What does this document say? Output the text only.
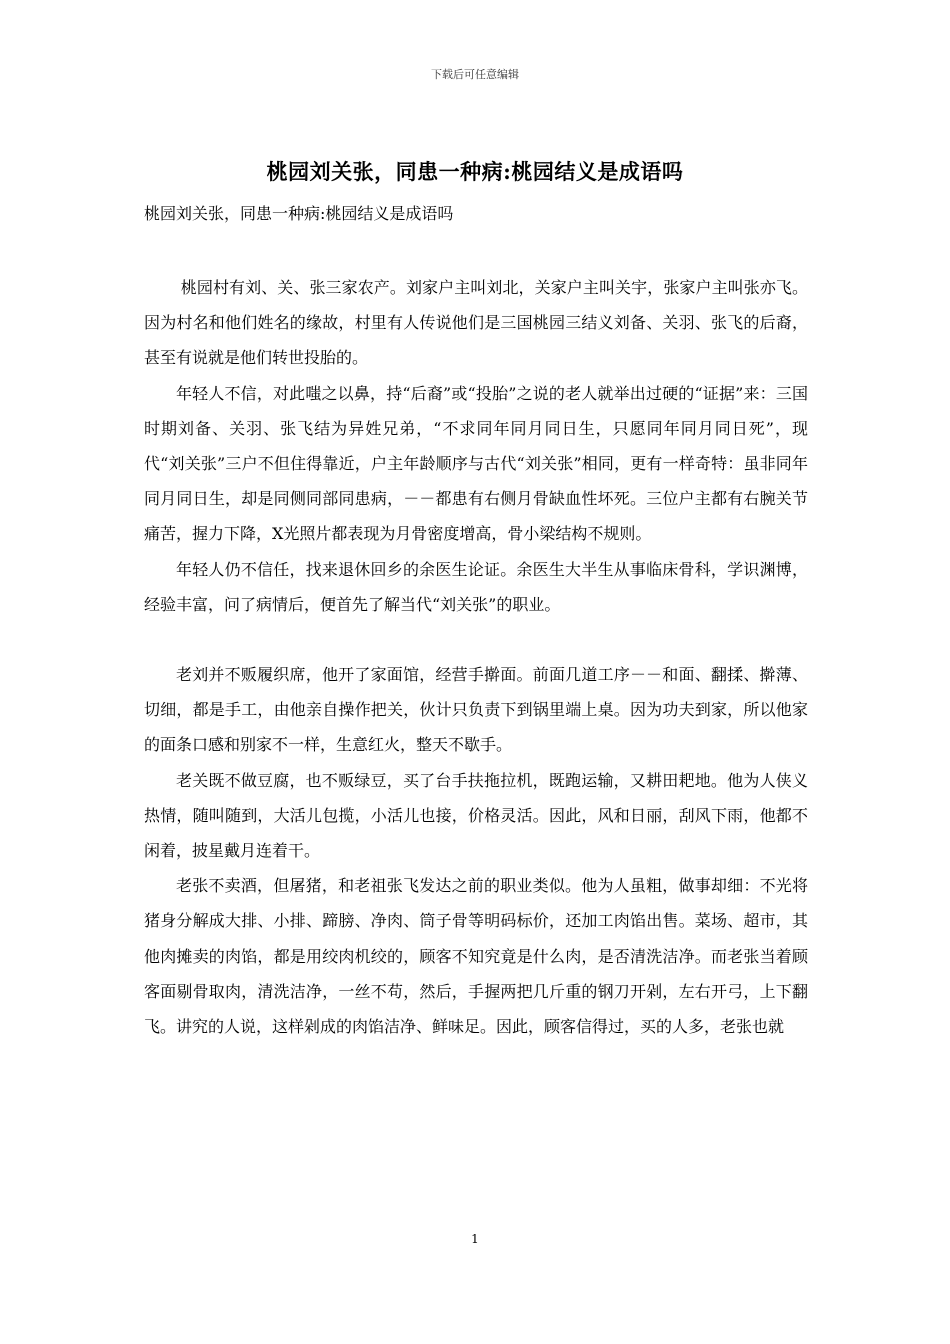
下载后可任意编辑
桃园刘关张，同患一种病:桃园结义是成语吗

桃园刘关张，同患一种病:桃园结义是成语吗

桃园村有刘、关、张三家农产。刘家户主叫刘北，关家户主叫关宇，张家户主叫张亦飞。因为村名和他们姓名的缘故，村里有人传说他们是三国桃园三结义刘备、关羽、张飞的后裔，甚至有说就是他们转世投胎的。

年轻人不信，对此嗤之以鼻，持“后裔”或“投胎”之说的老人就举出过硬的“证据”来：三国时期刘备、关羽、张飞结为异姓兄弟，“不求同年同月同日生，只愿同年同月同日死”，现代“刘关张”三户不但住得靠近，户主年龄顺序与古代“刘关张”相同，更有一样奇特：虽非同年同月同日生，却是同侧同部同患病，－－都患有右侧月骨缺血性坏死。三位户主都有右腕关节痛苦，握力下降，X光照片都表现为月骨密度增高，骨小梁结构不规则。

年轻人仍不信任，找来退休回乡的余医生论证。余医生大半生从事临床骨科，学识渊博，经验丰富，问了病情后，便首先了解当代“刘关张”的职业。

老刘并不贩履织席，他开了家面馆，经营手擀面。前面几道工序－－和面、翻揉、擀薄、切细，都是手工，由他亲自操作把关，伙计只负责下到锅里端上桌。因为功夫到家，所以他家的面条口感和别家不一样，生意红火，整天不歇手。

老关既不做豆腐，也不贩绿豆，买了台手扶拖拉机，既跑运输，又耕田耙地。他为人侠义热情，随叫随到，大活儿包揽，小活儿也接，价格灵活。因此，风和日丽，刮风下雨，他都不闲着，披星戴月连着干。

老张不卖酒，但屠猪，和老祖张飞发达之前的职业类似。他为人虽粗，做事却细：不光将猪身分解成大排、小排、蹄膀、净肉、筒子骨等明码标价，还加工肉馅出售。菜场、超市，其他肉摊卖的肉馅，都是用绞肉机绞的，顾客不知究竟是什么肉，是否清洗洁净。而老张当着顾客面剔骨取肉，清洗洁净，一丝不苟，然后，手握两把几斤重的钢刀开剁，左右开弓，上下翻飞。讲究的人说，这样剁成的肉馅洁净、鲜味足。因此，顾客信得过，买的人多，老张也就

1
